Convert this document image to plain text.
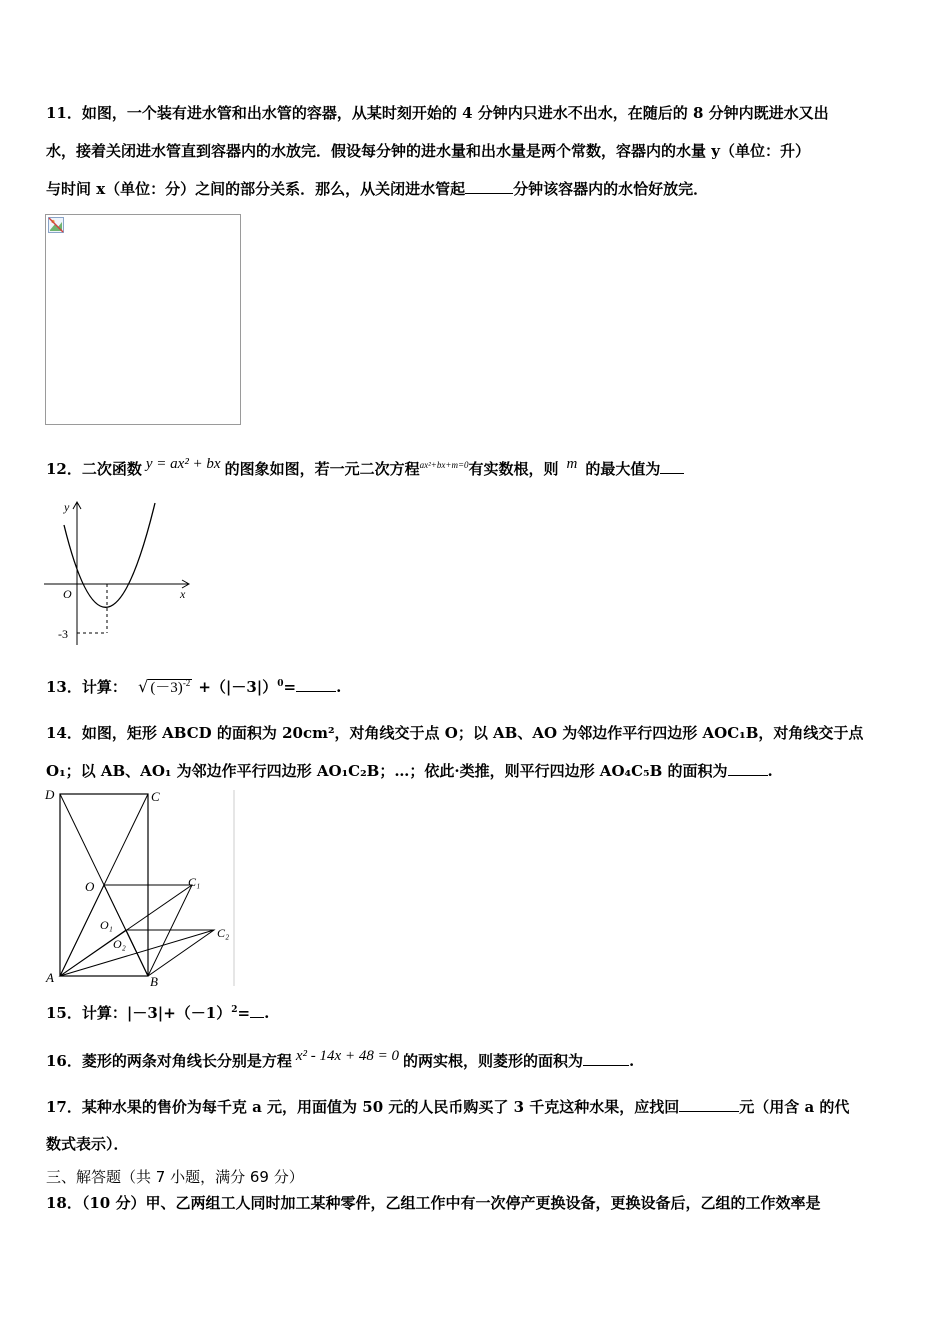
11．如图，一个装有进水管和出水管的容器，从某时刻开始的 4 分钟内只进水不出水，在随后的 8 分钟内既进水又出
水，接着关闭进水管直到容器内的水放完．假设每分钟的进水量和出水量是两个常数，容器内的水量 y（单位：升）
与时间 x（单位：分）之间的部分关系．那么，从关闭进水管起	分钟该容器内的水恰好放完．
12．二次函数 y = ax² + bx 的图象如图，若一元二次方程$^{ax^2+bx+m=0}$有实数根，则 m 的最大值为
y
x
O
-3
13．计算： √ $(-3)^{-2} +(|-3|)^0=$	.
14．如图，矩形 ABCD 的面积为 20cm²，对角线交于点 O；以 AB、AO 为邻边作平行四边形 AOC₁B，对角线交于点
O₁；以 AB、AO₁ 为邻边作平行四边形 AO₁C₂B；…；依此·类推，则平行四边形 AO₄C₅B 的面积为	.
D	C
O	C₁
O₁
O₂
C₂
A	B
15．计算：$|-3|+(-1)^2=$ .
16．菱形的两条对角线长分别是方程 x² - 14x + 48 = 0 的两实根，则菱形的面积为	.
17．某种水果的售价为每千克 a 元，用面值为 50 元的人民币购买了 3 千克这种水果，应找回	元（用含 a 的代
数式表示）．
三、解答题（共 7 小题，满分 69 分）
18．（10 分）甲、乙两组工人同时加工某种零件，乙组工作中有一次停产更换设备，更换设备后，乙组的工作效率是
